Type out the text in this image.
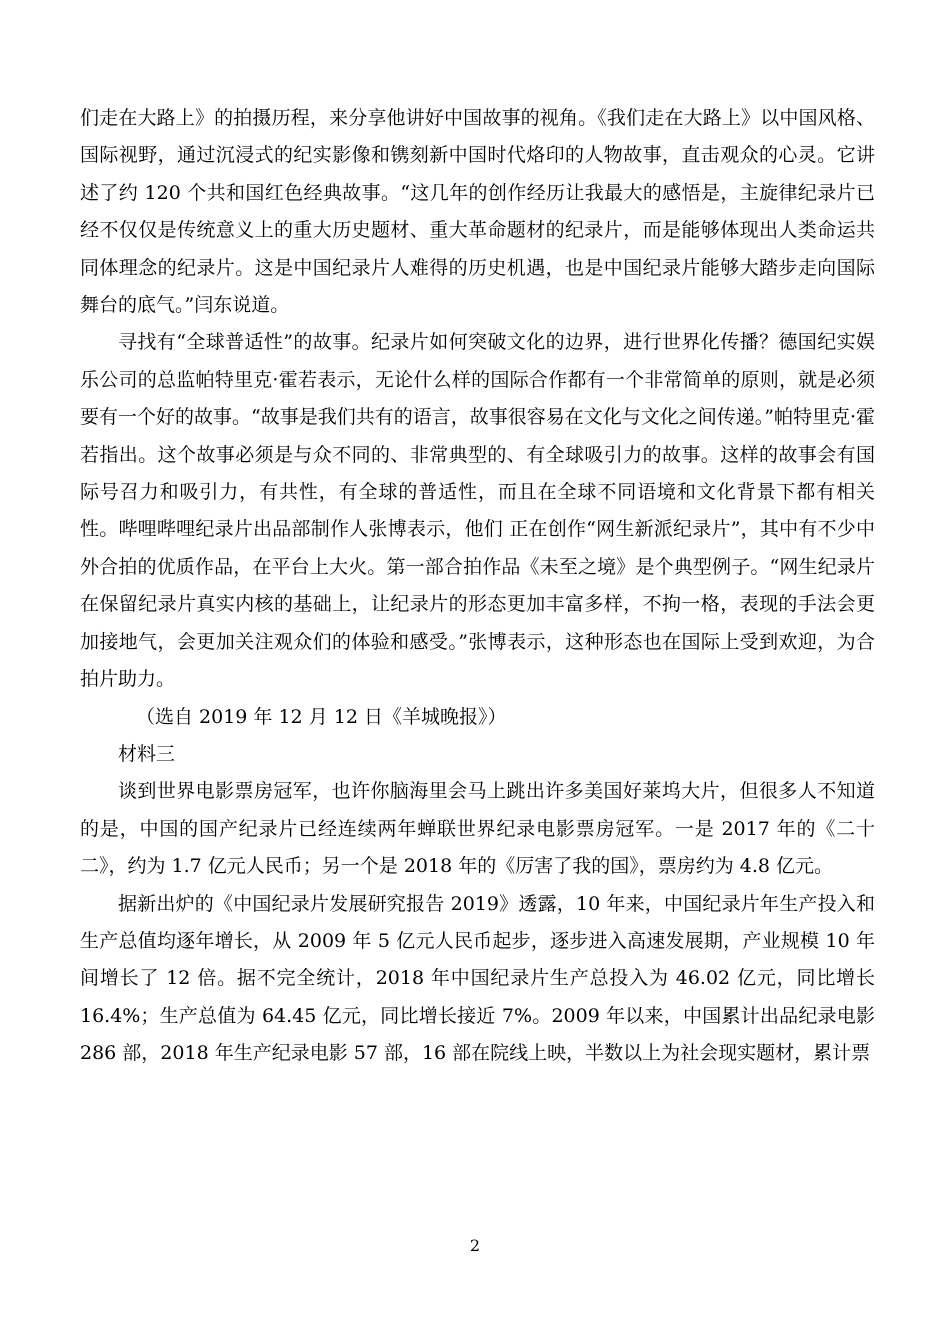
们走在大路上》的拍摄历程，来分享他讲好中国故事的视角。《我们走在大路上》以中国风格、国际视野，通过沉浸式的纪实影像和镌刻新中国时代烙印的人物故事，直击观众的心灵。它讲述了约 120 个共和国红色经典故事。“这几年的创作经历让我最大的感悟是，主旋律纪录片已经不仅仅是传统意义上的重大历史题材、重大革命题材的纪录片，而是能够体现出人类命运共同体理念的纪录片。这是中国纪录片人难得的历史机遇，也是中国纪录片能够大踏步走向国际舞台的底气。”闫东说道。

寻找有“全球普适性”的故事。纪录片如何突破文化的边界，进行世界化传播？德国纪实娱乐公司的总监帕特里克·霍若表示，无论什么样的国际合作都有一个非常简单的原则，就是必须要有一个好的故事。“故事是我们共有的语言，故事很容易在文化与文化之间传递。”帕特里克·霍若指出。这个故事必须是与众不同的、非常典型的、有全球吸引力的故事。这样的故事会有国际号召力和吸引力，有共性，有全球的普适性，而且在全球不同语境和文化背景下都有相关性。哔哩哔哩纪录片出品部制作人张博表示，他们 正在创作“网生新派纪录片”，其中有不少中外合拍的优质作品，在平台上大火。第一部合拍作品《未至之境》是个典型例子。“网生纪录片在保留纪录片真实内核的基础上，让纪录片的形态更加丰富多样，不拘一格，表现的手法会更加接地气，会更加关注观众们的体验和感受。”张博表示，这种形态也在国际上受到欢迎，为合拍片助力。

（选自 2019 年 12 月 12 日《羊城晚报》）

材料三

谈到世界电影票房冠军，也许你脑海里会马上跳出许多美国好莱坞大片，但很多人不知道的是，中国的国产纪录片已经连续两年蝉联世界纪录电影票房冠军。一是 2017 年的《二十二》，约为 1.7 亿元人民币；另一个是 2018 年的《厉害了我的国》，票房约为 4.8 亿元。

据新出炉的《中国纪录片发展研究报告 2019》透露，10 年来，中国纪录片年生产投入和生产总值均逐年增长，从 2009 年 5 亿元人民币起步，逐步进入高速发展期，产业规模 10 年间增长了 12 倍。据不完全统计，2018 年中国纪录片生产总投入为 46.02 亿元，同比增长 16.4%；生产总值为 64.45 亿元，同比增长接近 7%。2009 年以来，中国累计出品纪录电影 286 部，2018 年生产纪录电影 57 部，16 部在院线上映，半数以上为社会现实题材，累计票

2
